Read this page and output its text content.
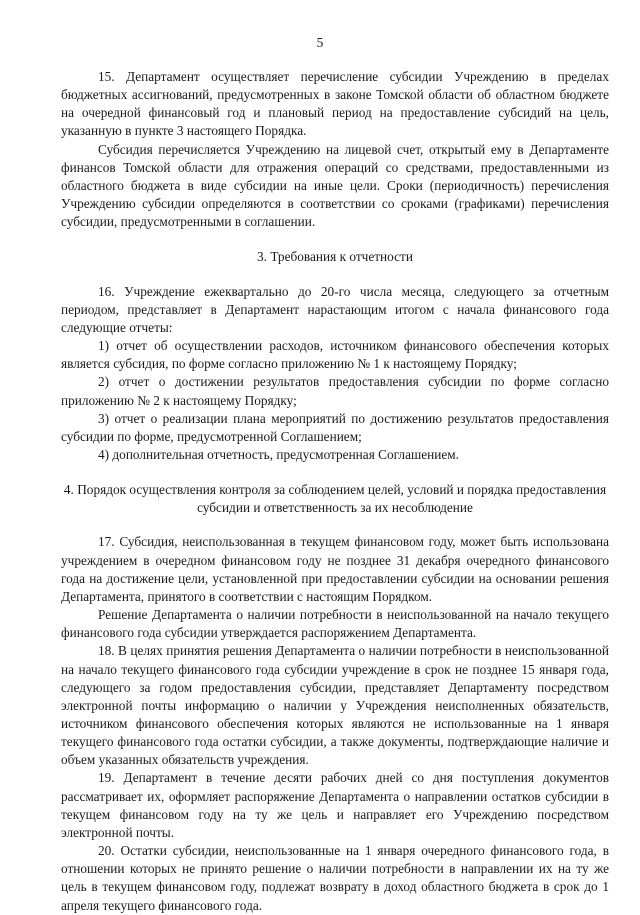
5

15. Департамент осуществляет перечисление субсидии Учреждению в пределах бюджетных ассигнований, предусмотренных в законе Томской области об областном бюджете на очередной финансовый год и плановый период на предоставление субсидий на цель, указанную в пункте 3 настоящего Порядка.

Субсидия перечисляется Учреждению на лицевой счет, открытый ему в Департаменте финансов Томской области для отражения операций со средствами, предоставленными из областного бюджета в виде субсидии на иные цели. Сроки (периодичность) перечисления Учреждению субсидии определяются в соответствии со сроками (графиками) перечисления субсидии, предусмотренными в соглашении.

3. Требования к отчетности

16. Учреждение ежеквартально до 20-го числа месяца, следующего за отчетным периодом, представляет в Департамент нарастающим итогом с начала финансового года следующие отчеты:

1) отчет об осуществлении расходов, источником финансового обеспечения которых является субсидия, по форме согласно приложению № 1 к настоящему Порядку;

2) отчет о достижении результатов предоставления субсидии по форме согласно приложению № 2 к настоящему Порядку;

3) отчет о реализации плана мероприятий по достижению результатов предоставления субсидии по форме, предусмотренной Соглашением;

4) дополнительная отчетность, предусмотренная Соглашением.

4. Порядок осуществления контроля за соблюдением целей, условий и порядка предоставления субсидии и ответственность за их несоблюдение

17. Субсидия, неиспользованная в текущем финансовом году, может быть использована учреждением в очередном финансовом году не позднее 31 декабря очередного финансового года на достижение цели, установленной при предоставлении субсидии на основании решения Департамента, принятого в соответствии с настоящим Порядком.

Решение Департамента о наличии потребности в неиспользованной на начало текущего финансового года субсидии утверждается распоряжением Департамента.

18. В целях принятия решения Департамента о наличии потребности в неиспользованной на начало текущего финансового года субсидии учреждение в срок не позднее 15 января года, следующего за годом предоставления субсидии, представляет Департаменту посредством электронной почты информацию о наличии у Учреждения неисполненных обязательств, источником финансового обеспечения которых являются не использованные на 1 января текущего финансового года остатки субсидии, а также документы, подтверждающие наличие и объем указанных обязательств учреждения.

19. Департамент в течение десяти рабочих дней со дня поступления документов рассматривает их, оформляет распоряжение Департамента о направлении остатков субсидии в текущем финансовом году на ту же цель и направляет его Учреждению посредством электронной почты.

20. Остатки субсидии, неиспользованные на 1 января очередного финансового года, в отношении которых не принято решение о наличии потребности в направлении их на ту же цель в текущем финансовом году, подлежат возврату в доход областного бюджета в срок до 1 апреля текущего финансового года.
